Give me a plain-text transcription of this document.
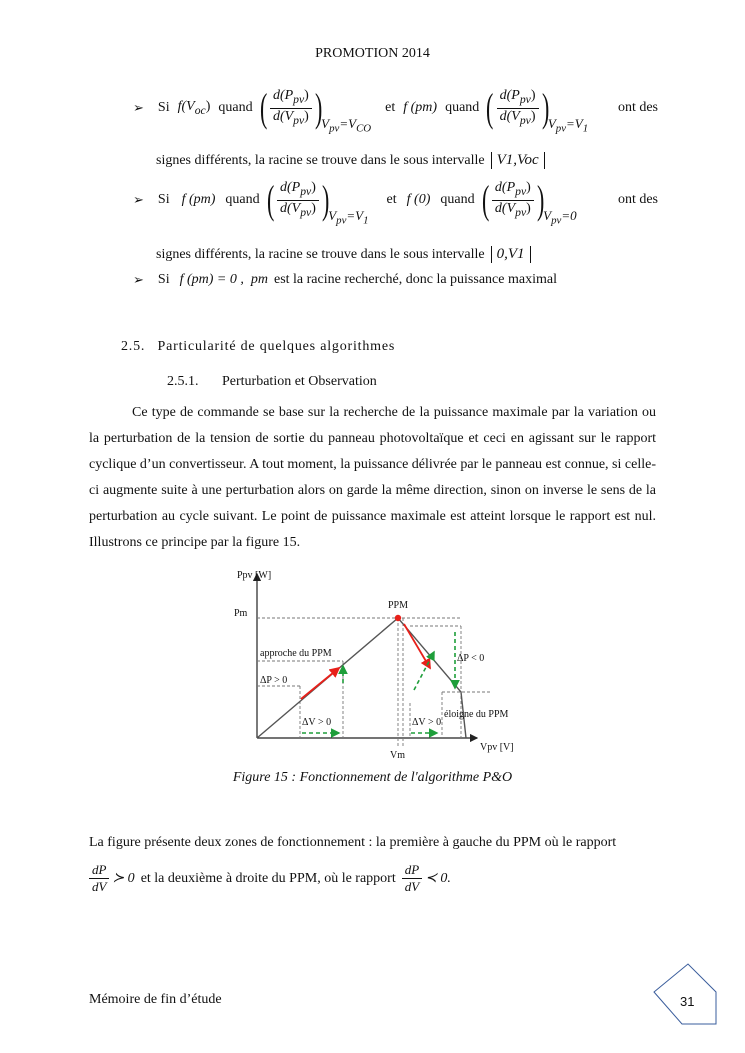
PROMOTION 2014
➢ Si $f(V_{oc})$ quand ( $\frac{d(P_{pv})}{d(V_{pv})}$ )
$V_{pv}=V_{CO}$
et f (pm) quand ( $\frac{d(P_{pv})}{d(V_{pv})}$ )
$V_{pv}=V_1$
ont des
signes différents, la racine se trouve dans le sous intervalle V1,Voc
➢ Si f (pm) quand ( $\frac{d(P_{pv})}{d(V_{pv})}$ )
$V_{pv}=V_1$
et f (0) quand ( $\frac{d(P_{pv})}{d(V_{pv})}$ )
$V_{pv}=0$
ont des
signes différents, la racine se trouve dans le sous intervalle 0,V1
➢ Si f (pm) = 0 ,  pm est la racine recherché, donc la puissance maximal
2.5. Particularité de quelques algorithmes
2.5.1. Perturbation et Observation
Ce type de commande se base sur la recherche de la puissance maximale par la variation ou la perturbation de la tension de sortie du panneau photovoltaïque et ceci en agissant sur le rapport cyclique d’un convertisseur. A tout moment, la puissance délivrée par le panneau est connue, si celle-ci augmente suite à une perturbation alors on garde la même direction, sinon on inverse le sens de la perturbation au cycle suivant. Le point de puissance maximale est atteint lorsque le rapport est nul. Illustrons ce principe par la figure 15.
Ppv [W]
Vpv [V]
Pm
PPM
Vm
approche du PPM
ΔP > 0
ΔV > 0
ΔP < 0
ΔV > 0
éloigne du PPM
Figure 15 : Fonctionnement de l'algorithme P&O
La figure présente deux zones de fonctionnement : la première à gauche du PPM où le rapport
$\frac{dP}{dV}$ ≻ 0 et la deuxième à droite du PPM, où le rapport $\frac{dP}{dV}$ ≺ 0.
Mémoire de fin d’étude	31
